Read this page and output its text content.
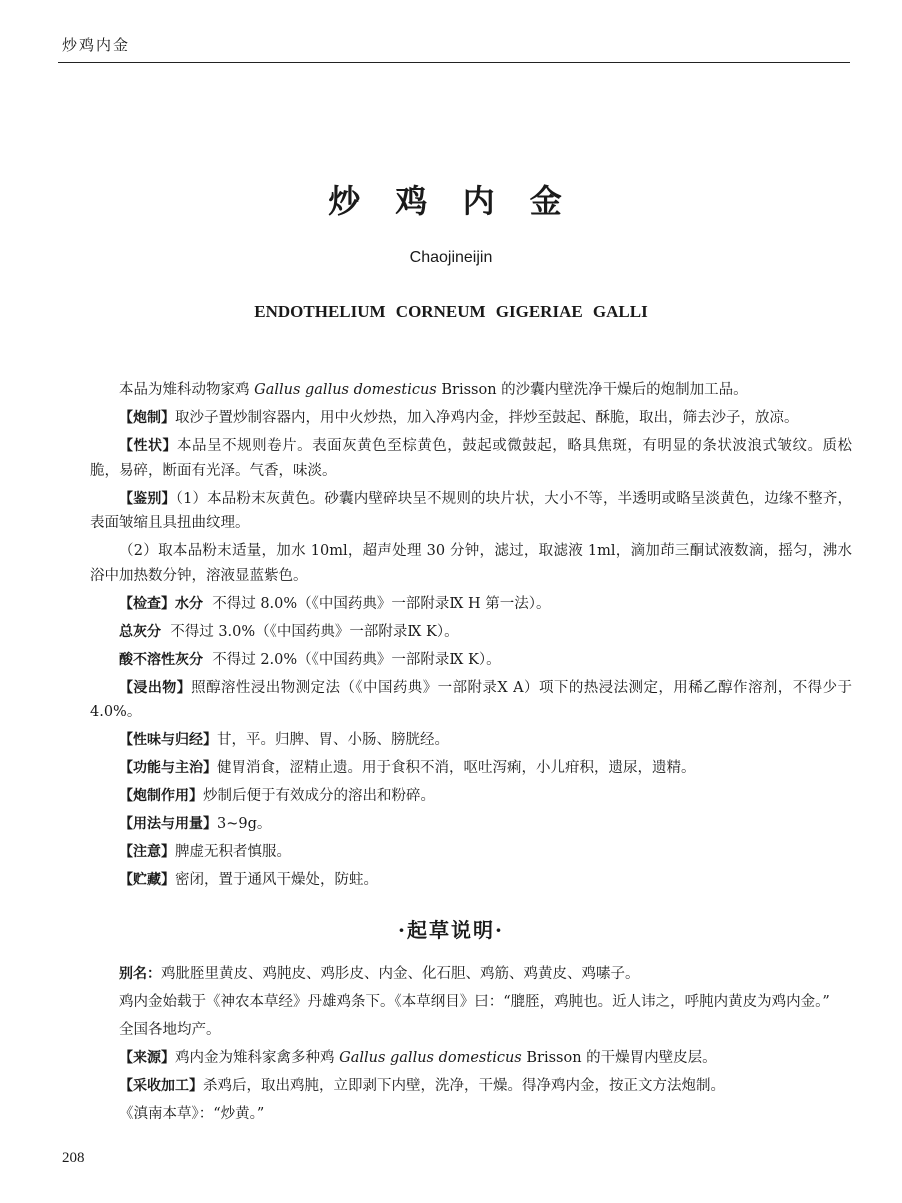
炒鸡内金
炒 鸡 内 金
Chaojineijin
ENDOTHELIUM CORNEUM GIGERIAE GALLI

本品为雉科动物家鸡 Gallus gallus domesticus Brisson 的沙囊内壁洗净干燥后的炮制加工品。

【炮制】取沙子置炒制容器内，用中火炒热，加入净鸡内金，拌炒至鼓起、酥脆，取出，筛去沙子，放凉。

【性状】本品呈不规则卷片。表面灰黄色至棕黄色，鼓起或微鼓起，略具焦斑，有明显的条状波浪式皱纹。质松脆，易碎，断面有光泽。气香，味淡。

【鉴别】（1）本品粉末灰黄色。砂囊内壁碎块呈不规则的块片状，大小不等，半透明或略呈淡黄色，边缘不整齐，表面皱缩且具扭曲纹理。

（2）取本品粉末适量，加水 10ml，超声处理 30 分钟，滤过，取滤液 1ml，滴加茚三酮试液数滴，摇匀，沸水浴中加热数分钟，溶液显蓝紫色。

【检查】水分 不得过 8.0%（《中国药典》一部附录Ⅸ H 第一法）。

总灰分 不得过 3.0%（《中国药典》一部附录Ⅸ K）。

酸不溶性灰分 不得过 2.0%（《中国药典》一部附录Ⅸ K）。

【浸出物】照醇溶性浸出物测定法（《中国药典》一部附录Ⅹ A）项下的热浸法测定，用稀乙醇作溶剂，不得少于 4.0%。

【性味与归经】甘，平。归脾、胃、小肠、膀胱经。

【功能与主治】健胃消食，涩精止遗。用于食积不消，呕吐泻痢，小儿疳积，遗尿，遗精。

【炮制作用】炒制后便于有效成分的溶出和粉碎。

【用法与用量】3~9g。

【注意】脾虚无积者慎服。

【贮藏】密闭，置于通风干燥处，防蛀。

·起草说明·

别名：鸡肶胵里黄皮、鸡肫皮、鸡肜皮、内金、化石胆、鸡筋、鸡黄皮、鸡嗉子。

鸡内金始载于《神农本草经》丹雄鸡条下。《本草纲目》曰：“膍胵，鸡肫也。近人讳之，呼肫内黄皮为鸡内金。”

全国各地均产。

【来源】鸡内金为雉科家禽多种鸡 Gallus gallus domesticus Brisson 的干燥胃内壁皮层。

【采收加工】杀鸡后，取出鸡肫，立即剥下内壁，洗净，干燥。得净鸡内金，按正文方法炮制。

《滇南本草》：“炒黄。”

208
